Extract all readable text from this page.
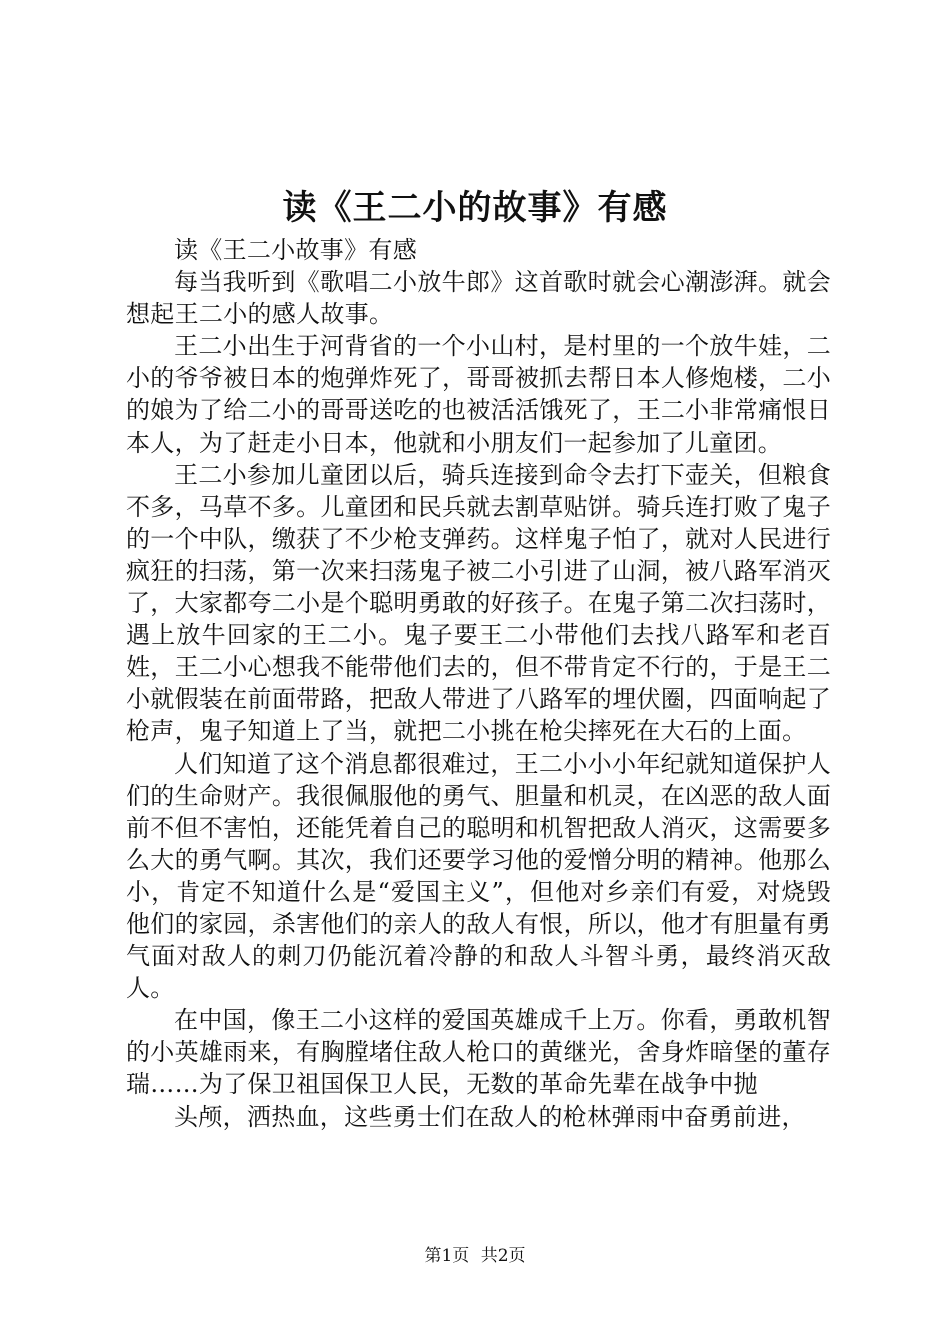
读《王二小的故事》有感

读《王二小故事》有感

每当我听到《歌唱二小放牛郎》这首歌时就会心潮澎湃。就会想起王二小的感人故事。

王二小出生于河背省的一个小山村，是村里的一个放牛娃，二小的爷爷被日本的炮弹炸死了，哥哥被抓去帮日本人修炮楼，二小的娘为了给二小的哥哥送吃的也被活活饿死了，王二小非常痛恨日本人，为了赶走小日本，他就和小朋友们一起参加了儿童团。

王二小参加儿童团以后，骑兵连接到命令去打下壶关，但粮食不多，马草不多。儿童团和民兵就去割草贴饼。骑兵连打败了鬼子的一个中队，缴获了不少枪支弹药。这样鬼子怕了，就对人民进行疯狂的扫荡，第一次来扫荡鬼子被二小引进了山洞，被八路军消灭了，大家都夸二小是个聪明勇敢的好孩子。在鬼子第二次扫荡时，遇上放牛回家的王二小。鬼子要王二小带他们去找八路军和老百姓，王二小心想我不能带他们去的，但不带肯定不行的，于是王二小就假装在前面带路，把敌人带进了八路军的埋伏圈，四面响起了枪声，鬼子知道上了当，就把二小挑在枪尖摔死在大石的上面。

人们知道了这个消息都很难过，王二小小小年纪就知道保护人们的生命财产。我很佩服他的勇气、胆量和机灵，在凶恶的敌人面前不但不害怕，还能凭着自己的聪明和机智把敌人消灭，这需要多么大的勇气啊。其次，我们还要学习他的爱憎分明的精神。他那么小，肯定不知道什么是“爱国主义”，但他对乡亲们有爱，对烧毁他们的家园，杀害他们的亲人的敌人有恨，所以，他才有胆量有勇气面对敌人的刺刀仍能沉着冷静的和敌人斗智斗勇，最终消灭敌人。

在中国，像王二小这样的爱国英雄成千上万。你看，勇敢机智的小英雄雨来，有胸膛堵住敌人枪口的黄继光，舍身炸暗堡的董存瑞……为了保卫祖国保卫人民，无数的革命先辈在战争中抛

头颅，洒热血，这些勇士们在敌人的枪林弹雨中奋勇前进，

第1页 共2页
